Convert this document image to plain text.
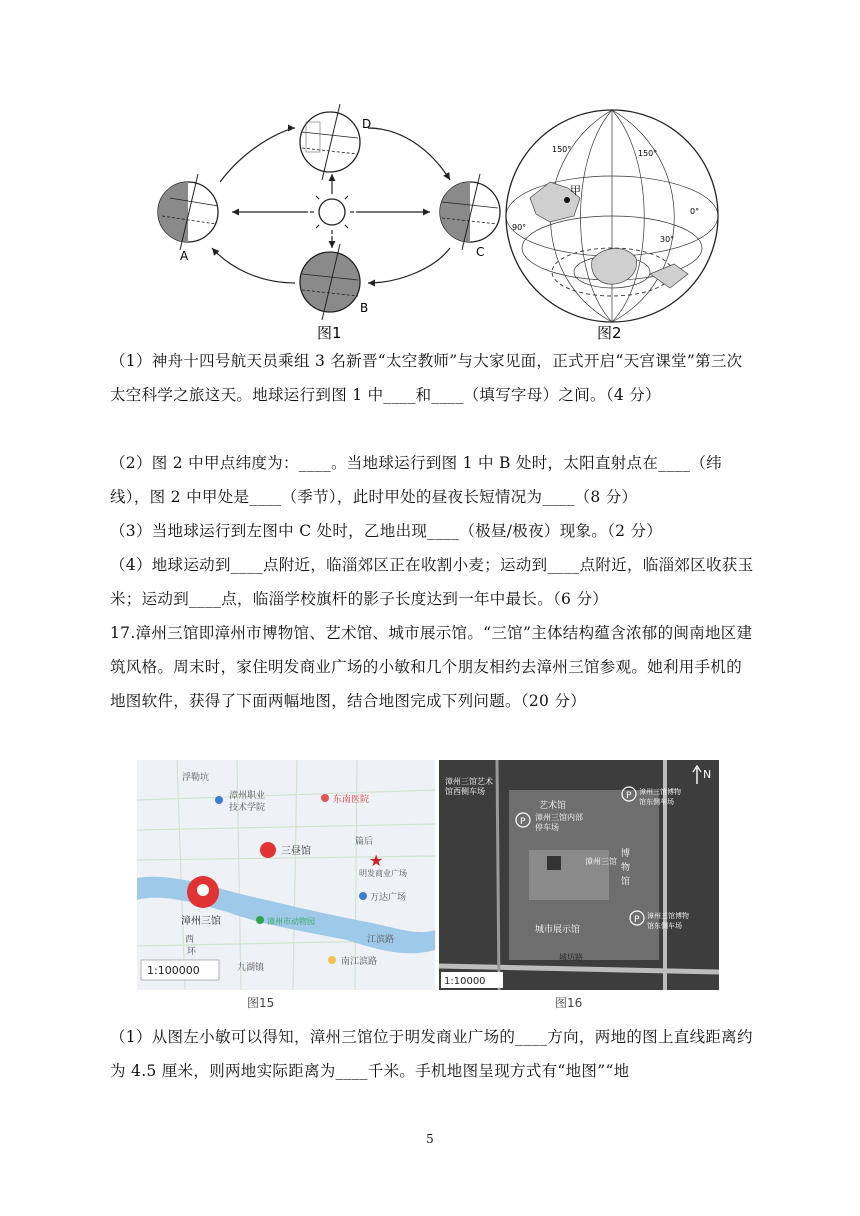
A
D
B
C
图1
甲
150°	150°
0°
30°
90°
图2
（1）神舟十四号航天员乘组 3 名新晋“太空教师”与大家见面，正式开启“天宫课堂”第三次太空科学之旅这天。地球运行到图 1 中____和____（填写字母）之间。（4 分）
（2）图 2 中甲点纬度为：____。当地球运行到图 1 中 B 处时，太阳直射点在____（纬线），图 2 中甲处是____（季节），此时甲处的昼夜长短情况为____（8 分）
（3）当地球运行到左图中 C 处时，乙地出现____（极昼/极夜）现象。（2 分）
（4）地球运动到____点附近，临淄郊区正在收割小麦；运动到____点附近，临淄郊区收获玉米；运动到____点，临淄学校旗杆的影子长度达到一年中最长。（6 分）
17.漳州三馆即漳州市博物馆、艺术馆、城市展示馆。“三馆”主体结构蕴含浓郁的闽南地区建筑风格。周末时，家住明发商业广场的小敏和几个朋友相约去漳州三馆参观。她利用手机的地图软件，获得了下面两幅地图，结合地图完成下列问题。（20 分）
浮勒坑
漳州职业
技术学院
东南医院
三昼馆
篇后
★
明发商业广场
万达广场
漳州三馆	漳州市动物园
西
环
江滨路
九湖镇
南江滨路
1:100000
漳州三馆艺术
馆西侧车场
艺术馆
P 漳州三馆内部
停车场
漳州三馆
博
物
馆
P 漳州三馆博物
馆东侧车场
城市展示馆
P 漳州三馆博物
馆东侧车场
城坊路
N
1:10000
图15	图16
（1）从图左小敏可以得知，漳州三馆位于明发商业广场的____方向，两地的图上直线距离约为 4.5 厘米，则两地实际距离为____千米。手机地图呈现方式有“地图”“地
5
